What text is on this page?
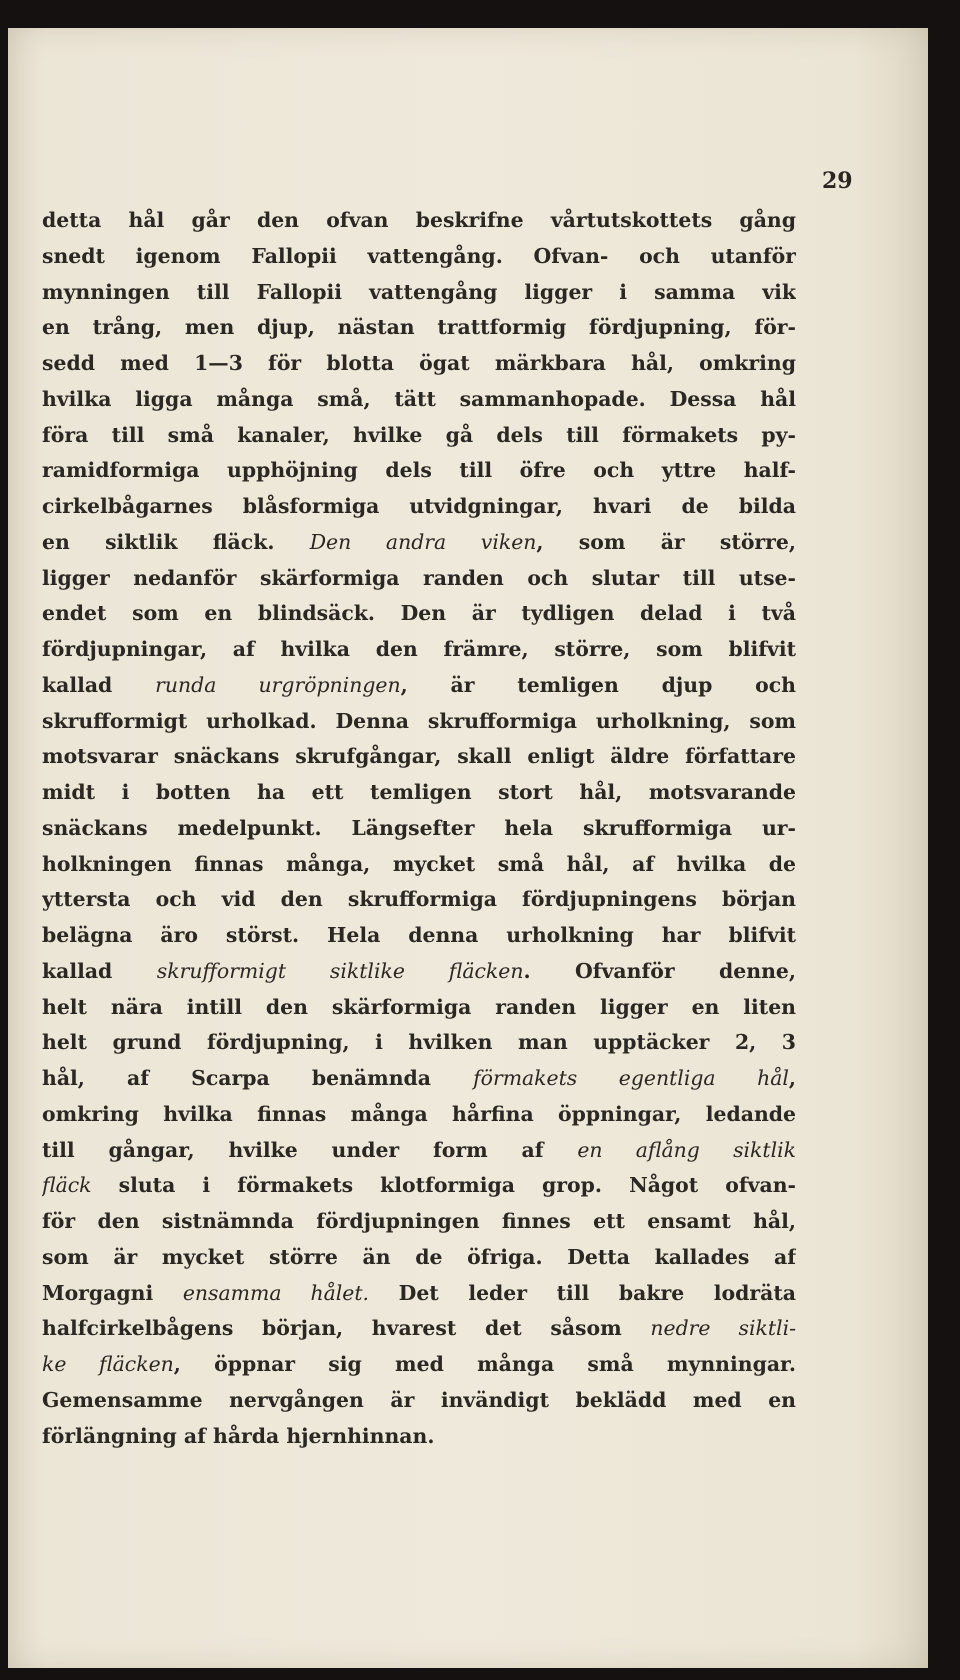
29
detta hål går den ofvan beskrifne vårtutskottets gång
snedt igenom Fallopii vattengång. Ofvan- och utanför
mynningen till Fallopii vattengång ligger i samma vik
en trång, men djup, nästan trattformig fördjupning, för-
sedd med 1—3 för blotta ögat märkbara hål, omkring
hvilka ligga många små, tätt sammanhopade. Dessa hål
föra till små kanaler, hvilke gå dels till förmakets py-
ramidformiga upphöjning dels till öfre och yttre half-
cirkelbågarnes blåsformiga utvidgningar, hvari de bilda
en siktlik fläck. Den andra viken, som är större,
ligger nedanför skärformiga randen och slutar till utse-
endet som en blindsäck. Den är tydligen delad i två
fördjupningar, af hvilka den främre, större, som blifvit
kallad runda urgröpningen, är temligen djup och
skrufformigt urholkad. Denna skrufformiga urholkning, som
motsvarar snäckans skrufgångar, skall enligt äldre författare
midt i botten ha ett temligen stort hål, motsvarande
snäckans medelpunkt. Längsefter hela skrufformiga ur-
holkningen finnas många, mycket små hål, af hvilka de
yttersta och vid den skrufformiga fördjupningens början
belägna äro störst. Hela denna urholkning har blifvit
kallad skrufformigt siktlike fläcken. Ofvanför denne,
helt nära intill den skärformiga randen ligger en liten
helt grund fördjupning, i hvilken man upptäcker 2, 3
hål, af Scarpa benämnda förmakets egentliga hål,
omkring hvilka finnas många hårfina öppningar, ledande
till gångar, hvilke under form af en aflång siktlik
fläck sluta i förmakets klotformiga grop. Något ofvan-
för den sistnämnda fördjupningen finnes ett ensamt hål,
som är mycket större än de öfriga. Detta kallades af
Morgagni ensamma hålet. Det leder till bakre lodräta
halfcirkelbågens början, hvarest det såsom nedre siktli-
ke fläcken, öppnar sig med många små mynningar.
Gemensamme nervgången är invändigt beklädd med en
förlängning af hårda hjernhinnan.
